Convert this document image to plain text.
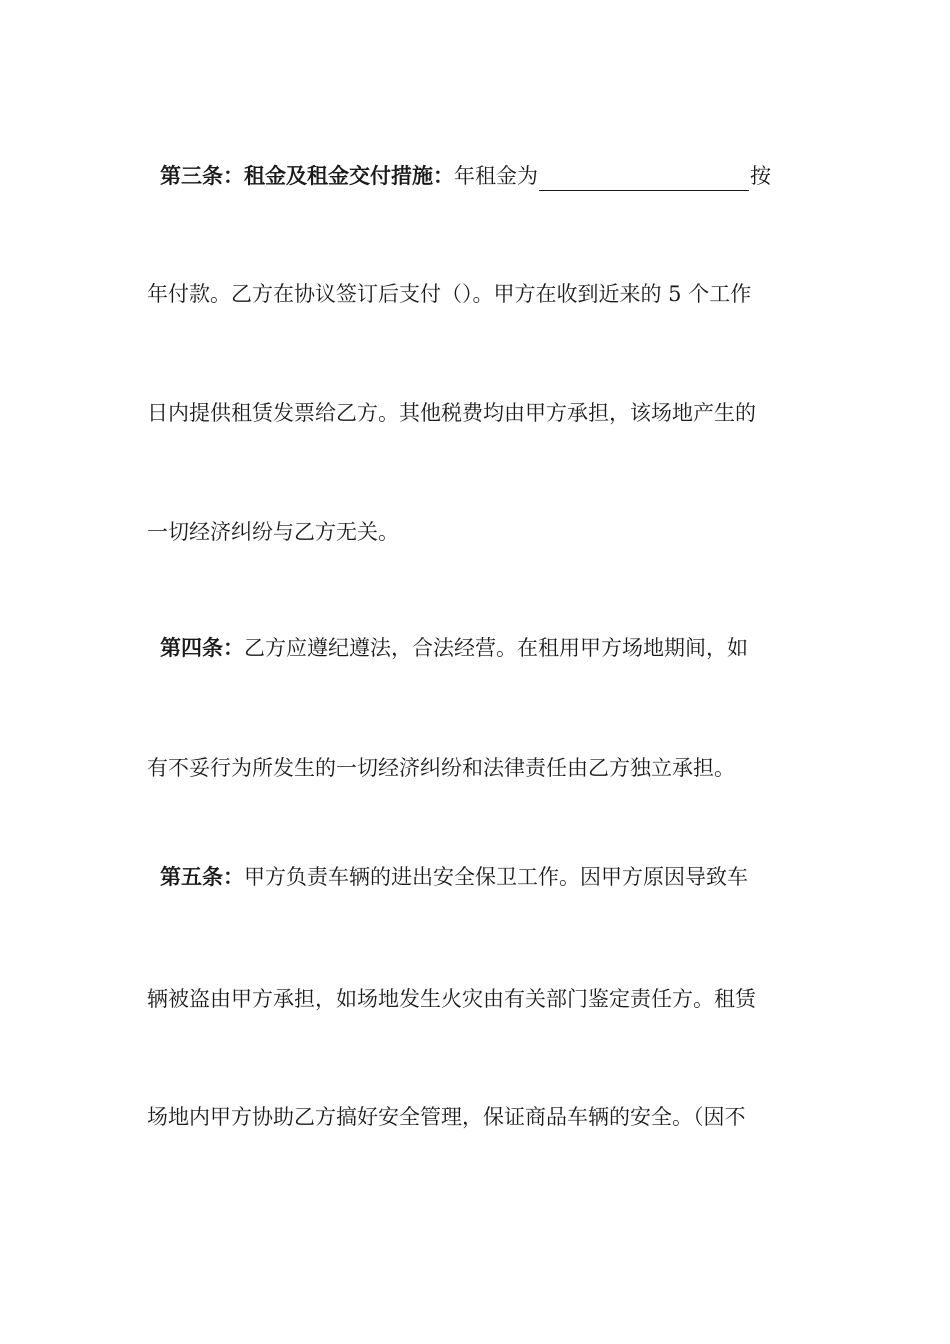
第三条：租金及租金交付措施：年租金为	按
年付款。乙方在协议签订后支付（）。甲方在收到近来的 5 个工作
日内提供租赁发票给乙方。其他税费均由甲方承担，该场地产生的
一切经济纠纷与乙方无关。
第四条：乙方应遵纪遵法，合法经营。在租用甲方场地期间，如
有不妥行为所发生的一切经济纠纷和法律责任由乙方独立承担。
第五条：甲方负责车辆的进出安全保卫工作。因甲方原因导致车
辆被盗由甲方承担，如场地发生火灾由有关部门鉴定责任方。租赁
场地内甲方协助乙方搞好安全管理，保证商品车辆的安全。（因不
